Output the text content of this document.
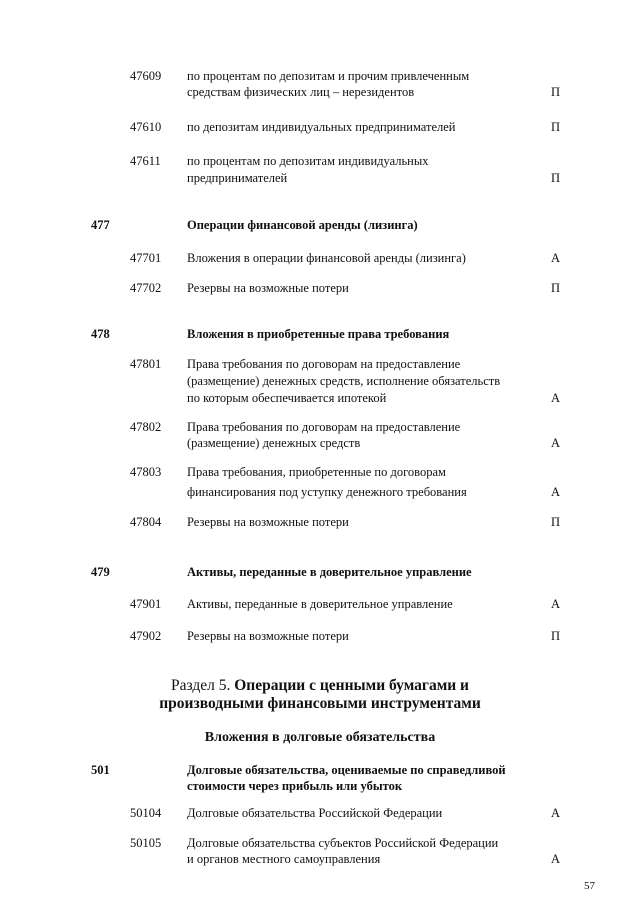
47609 по процентам по депозитам и прочим привлеченным
средствам физических лиц – нерезидентов	П
47610 по депозитам индивидуальных предпринимателей	П
47611 по процентам по депозитам индивидуальных
предпринимателей	П
477	Операции финансовой аренды (лизинга)
47701 Вложения в операции финансовой аренды (лизинга)	А
47702 Резервы на возможные потери	П
478	Вложения в приобретенные права требования
47801 Права требования по договорам на предоставление
(размещение) денежных средств, исполнение обязательств
по которым обеспечивается ипотекой	А
47802 Права требования по договорам на предоставление
(размещение) денежных средств	А
47803 Права требования, приобретенные по договорам
финансирования под уступку денежного требования	А
47804 Резервы на возможные потери	П
479	Активы, переданные в доверительное управление
47901 Активы, переданные в доверительное управление	А
47902 Резервы на возможные потери	П
Раздел 5. Операции с ценными бумагами и
производными финансовыми инструментами
Вложения в долговые обязательства
501	Долговые обязательства, оцениваемые по справедливой
стоимости через прибыль или убыток
50104 Долговые обязательства Российской Федерации	А
50105 Долговые обязательства субъектов Российской Федерации
и органов местного самоуправления	А
57
